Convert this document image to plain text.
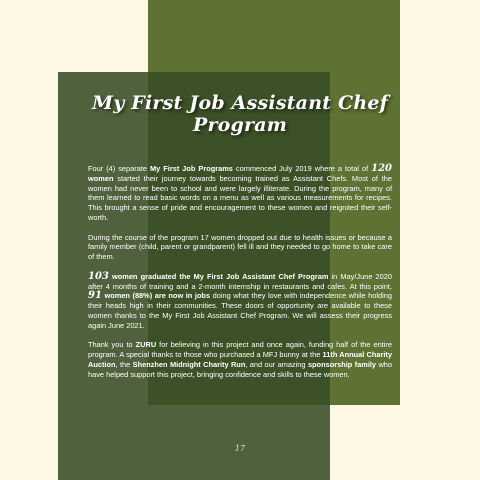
My First Job Assistant Chef Program

Four (4) separate My First Job Programs commenced July 2019 where a total of 120 women started their journey towards becoming trained as Assistant Chefs. Most of the women had never been to school and were largely illiterate. During the program, many of them learned to read basic words on a menu as well as various measurements for recipes. This brought a sense of pride and encouragement to these women and reignited their self-worth.

During the course of the program 17 women dropped out due to health issues or because a family member (child, parent or grandparent) fell ill and they needed to go home to take care of them.

103 women graduated the My First Job Assistant Chef Program in May/June 2020 after 4 months of training and a 2-month internship in restaurants and cafes. At this point, 91 women (88%) are now in jobs doing what they love with independence while holding their heads high in their communities. These doors of opportunity are available to these women thanks to the My First Job Assistant Chef Program. We will assess their progress again June 2021.

Thank you to ZURU for believing in this project and once again, funding half of the entire program. A special thanks to those who purchased a MFJ bunny at the 11th Annual Charity Auction, the Shenzhen Midnight Charity Run, and our amazing sponsorship family who have helped support this project, bringing confidence and skills to these women.

17
